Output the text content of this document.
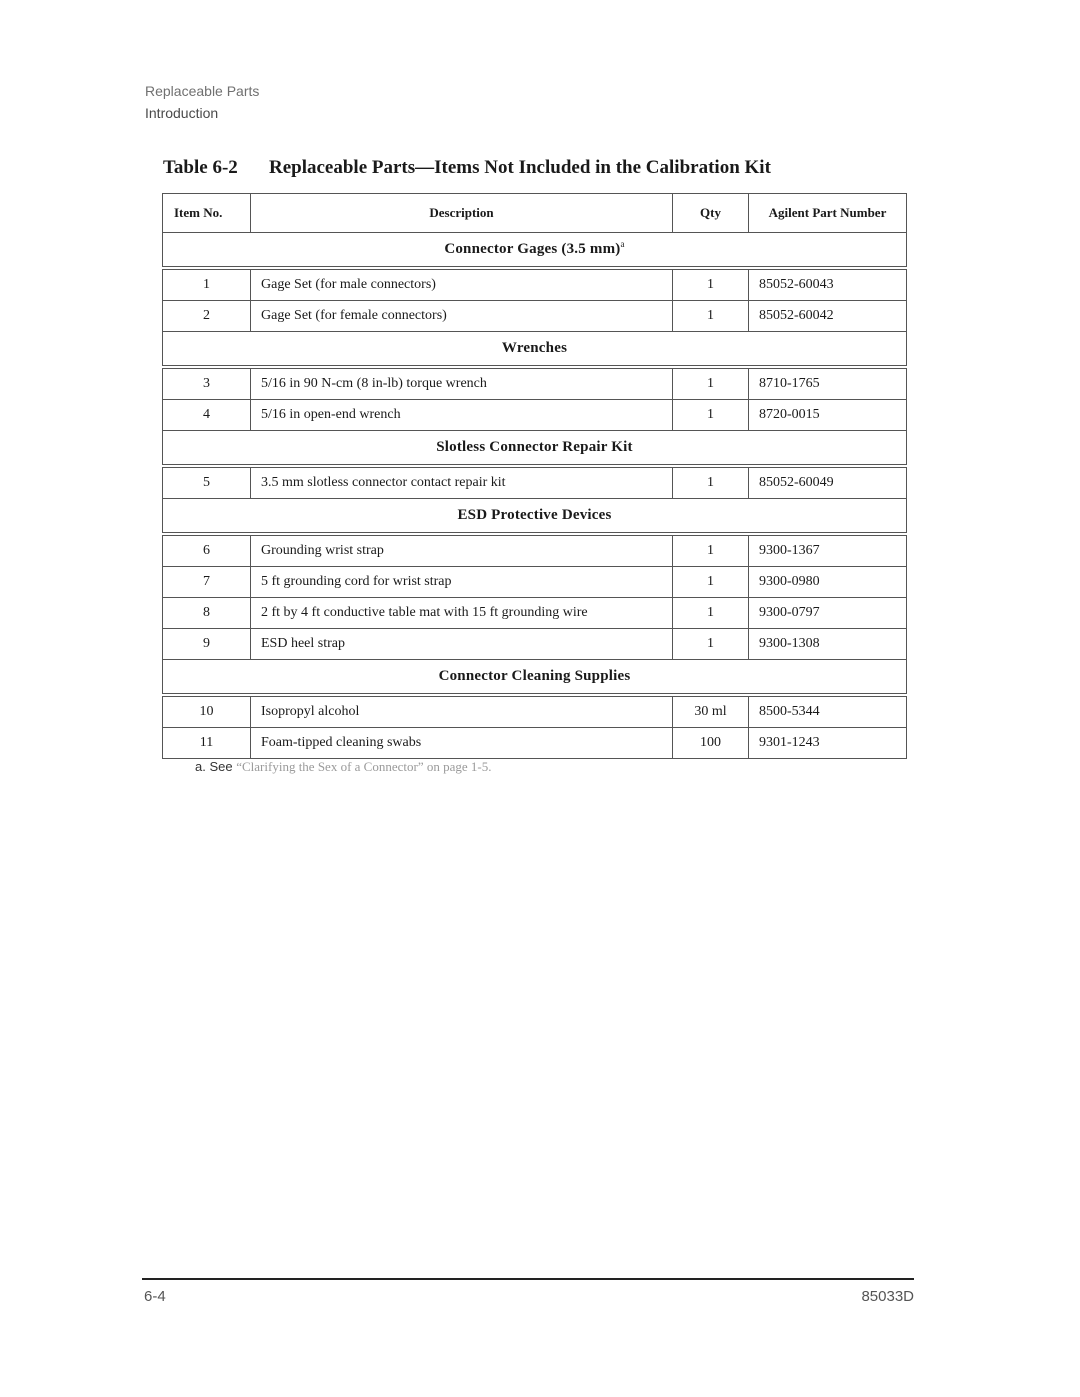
Replaceable Parts
Introduction
Table 6-2 Replaceable Parts—Items Not Included in the Calibration Kit
Item No.	Description	Qty	Agilent Part Number
Connector Gages (3.5 mm)$^a$

1	Gage Set (for male connectors)	1	85052-60043
2	Gage Set (for female connectors)	1	85052-60042
Wrenches			

3	5/16 in 90 N-cm (8 in-lb) torque wrench	1	8710-1765
4	5/16 in open-end wrench	1	8720-0015
Slotless Connector Repair Kit			

5	3.5 mm slotless connector contact repair kit	1	85052-60049
ESD Protective Devices			

6	Grounding wrist strap	1	9300-1367
7	5 ft grounding cord for wrist strap	1	9300-0980
8	2 ft by 4 ft conductive table mat with 15 ft grounding wire	1	9300-0797
9	ESD heel strap	1	9300-1308
Connector Cleaning Supplies			

10	Isopropyl alcohol	30 ml	8500-5344
11	Foam-tipped cleaning swabs	100	9301-1243
a. See “Clarifying the Sex of a Connector” on page 1-5.
6-4	85033D
